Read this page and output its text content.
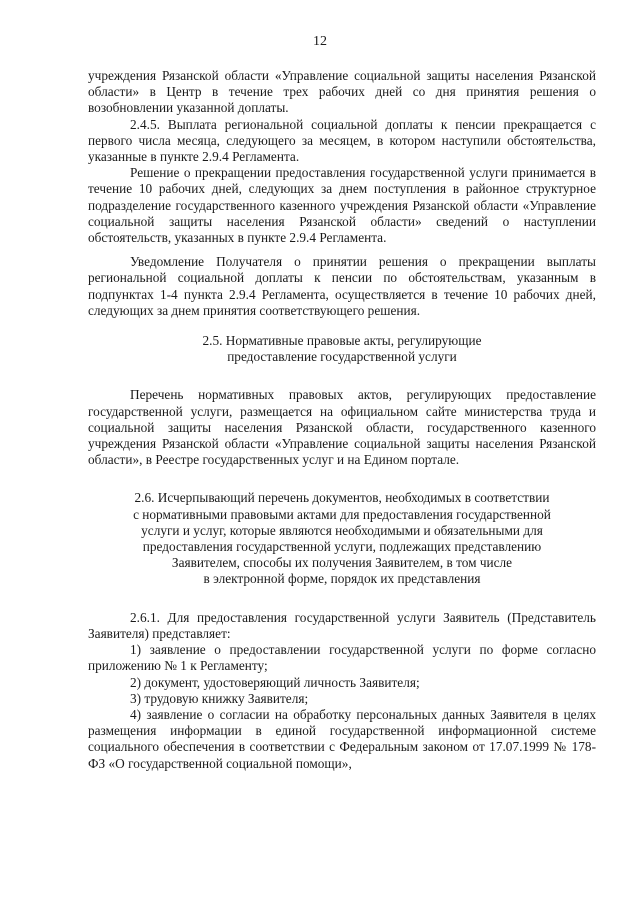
12

учреждения Рязанской области «Управление социальной защиты населения Рязанской области» в Центр в течение трех рабочих дней со дня принятия решения о возобновлении указанной доплаты.

2.4.5. Выплата региональной социальной доплаты к пенсии прекращается с первого числа месяца, следующего за месяцем, в котором наступили обстоятельства, указанные в пункте 2.9.4 Регламента.

Решение о прекращении предоставления государственной услуги принимается в течение 10 рабочих дней, следующих за днем поступления в районное структурное подразделение государственного казенного учреждения Рязанской области «Управление социальной защиты населения Рязанской области» сведений о наступлении обстоятельств, указанных в пункте 2.9.4 Регламента.

Уведомление Получателя о принятии решения о прекращении выплаты региональной социальной доплаты к пенсии по обстоятельствам, указанным в подпунктах 1-4 пункта 2.9.4 Регламента, осуществляется в течение 10 рабочих дней, следующих за днем принятия соответствующего решения.

2.5. Нормативные правовые акты, регулирующие

предоставление государственной услуги

Перечень нормативных правовых актов, регулирующих предоставление государственной услуги, размещается на официальном сайте министерства труда и социальной защиты населения Рязанской области, государственного казенного учреждения Рязанской области «Управление социальной защиты населения Рязанской области», в Реестре государственных услуг и на Едином портале.

2.6. Исчерпывающий перечень документов, необходимых в соответствии

с нормативными правовыми актами для предоставления государственной

услуги и услуг, которые являются необходимыми и обязательными для

предоставления государственной услуги, подлежащих представлению

Заявителем, способы их получения Заявителем, в том числе

в электронной форме, порядок их представления

2.6.1. Для предоставления государственной услуги Заявитель (Представитель Заявителя) представляет:

1) заявление о предоставлении государственной услуги по форме согласно приложению № 1 к Регламенту;

2) документ, удостоверяющий личность Заявителя;

3) трудовую книжку Заявителя;

4) заявление о согласии на обработку персональных данных Заявителя в целях размещения информации в единой государственной информационной системе социального обеспечения в соответствии с Федеральным законом от 17.07.1999 № 178-ФЗ «О государственной социальной помощи»,
